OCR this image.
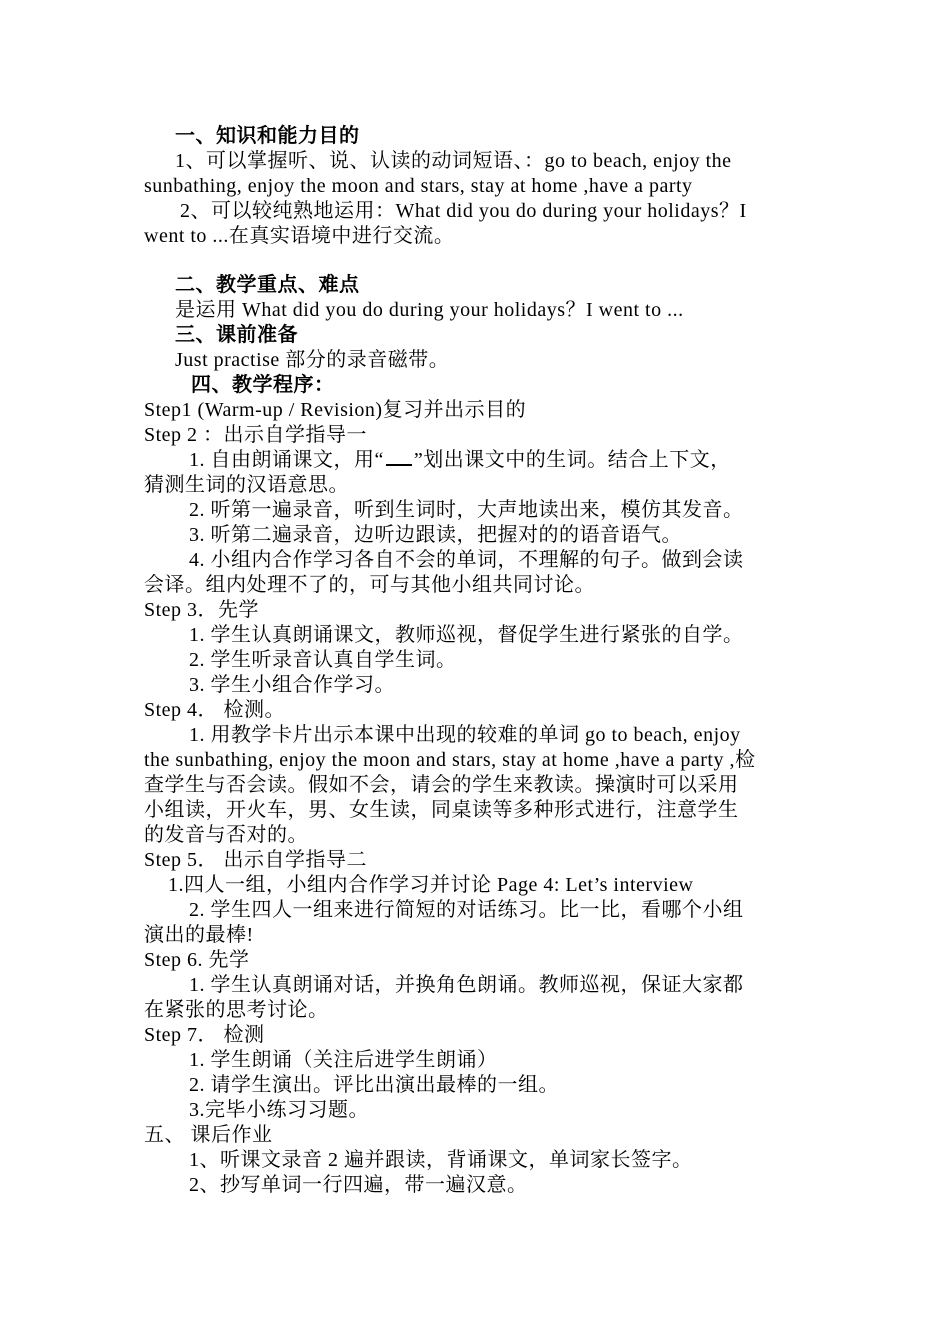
一、知识和能力目的
1、可以掌握听、说、认读的动词短语、：go to beach, enjoy the
sunbathing, enjoy the moon and stars, stay at home ,have a party
2、可以较纯熟地运用：What did you do during your holidays？I
went to ...在真实语境中进行交流。
二、教学重点、难点
是运用 What did you do during your holidays？I went to ...
三、课前准备
Just practise 部分的录音磁带。
四、教学程序：
Step1 (Warm-up / Revision)复习并出示目的
Step 2 ：出示自学指导一
1. 自由朗诵课文，用“ ”划出课文中的生词。结合上下文，
猜测生词的汉语意思。
2. 听第一遍录音，听到生词时，大声地读出来，模仿其发音。
3. 听第二遍录音，边听边跟读，把握对的的语音语气。
4. 小组内合作学习各自不会的单词，不理解的句子。做到会读
会译。组内处理不了的，可与其他小组共同讨论。
Step 3．先学
1. 学生认真朗诵课文，教师巡视，督促学生进行紧张的自学。
2. 学生听录音认真自学生词。
3. 学生小组合作学习。
Step 4． 检测。
1. 用教学卡片出示本课中出现的较难的单词 go to beach, enjoy
the sunbathing, enjoy the moon and stars, stay at home ,have a party ,检
查学生与否会读。假如不会，请会的学生来教读。操演时可以采用
小组读，开火车，男、女生读，同桌读等多种形式进行，注意学生
的发音与否对的。
Step 5． 出示自学指导二
1.四人一组，小组内合作学习并讨论 Page 4: Let’s interview
2. 学生四人一组来进行简短的对话练习。比一比，看哪个小组
演出的最棒!
Step 6. 先学
1. 学生认真朗诵对话，并换角色朗诵。教师巡视，保证大家都
在紧张的思考讨论。
Step 7． 检测
1. 学生朗诵（关注后进学生朗诵）
2. 请学生演出。评比出演出最棒的一组。
3.完毕小练习习题。
五、 课后作业
1、听课文录音 2 遍并跟读，背诵课文，单词家长签字。
2、抄写单词一行四遍，带一遍汉意。
